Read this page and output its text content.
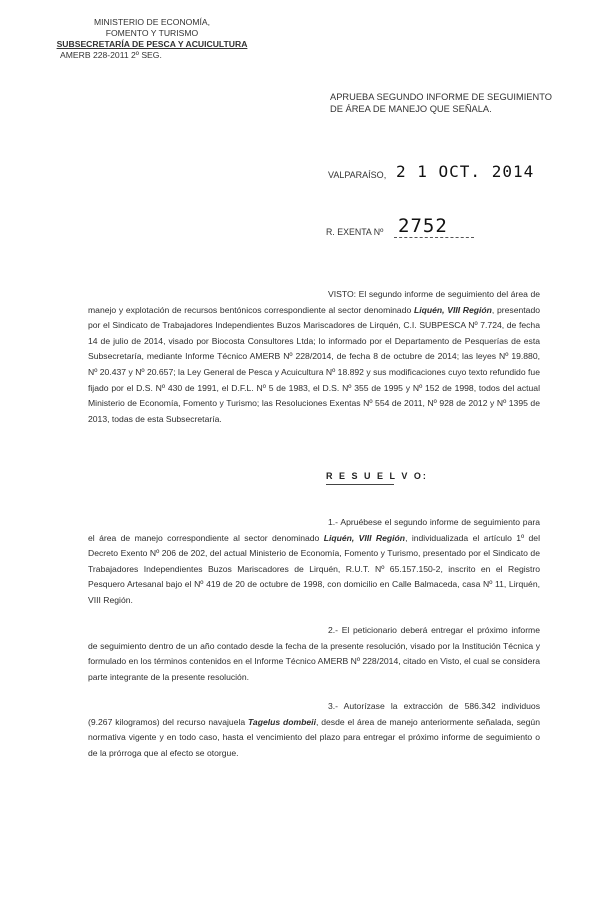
MINISTERIO DE ECONOMÍA,
FOMENTO Y TURISMO
SUBSECRETARÍA DE PESCA Y ACUICULTURA
AMERB 228-2011 2º SEG.
APRUEBA SEGUNDO INFORME DE SEGUIMIENTO DE ÁREA DE MANEJO QUE SEÑALA.
VALPARAÍSO, 2 1 OCT. 2014
R. EXENTA Nº 2752
VISTO: El segundo informe de seguimiento del área de manejo y explotación de recursos bentónicos correspondiente al sector denominado Liquén, VIII Región, presentado por el Sindicato de Trabajadores Independientes Buzos Mariscadores de Lirquén, C.I. SUBPESCA Nº 7.724, de fecha 14 de julio de 2014, visado por Biocosta Consultores Ltda; lo informado por el Departamento de Pesquerías de esta Subsecretaría, mediante Informe Técnico AMERB Nº 228/2014, de fecha 8 de octubre de 2014; las leyes Nº 19.880, Nº 20.437 y Nº 20.657; la Ley General de Pesca y Acuicultura Nº 18.892 y sus modificaciones cuyo texto refundido fue fijado por el D.S. Nº 430 de 1991, el D.F.L. Nº 5 de 1983, el D.S. Nº 355 de 1995 y Nº 152 de 1998, todos del actual Ministerio de Economía, Fomento y Turismo; las Resoluciones Exentas Nº 554 de 2011, Nº 928 de 2012 y Nº 1395 de 2013, todas de esta Subsecretaría.
R E S U E L V O:
1.- Apruébese el segundo informe de seguimiento para el área de manejo correspondiente al sector denominado Liquén, VIII Región, individualizada el artículo 1º del Decreto Exento Nº 206 de 202, del actual Ministerio de Economía, Fomento y Turismo, presentado por el Sindicato de Trabajadores Independientes Buzos Mariscadores de Lirquén, R.U.T. Nº 65.157.150-2, inscrito en el Registro Pesquero Artesanal bajo el Nº 419 de 20 de octubre de 1998, con domicilio en Calle Balmaceda, casa Nº 11, Lirquén, VIII Región.
2.- El peticionario deberá entregar el próximo informe de seguimiento dentro de un año contado desde la fecha de la presente resolución, visado por la Institución Técnica y formulado en los términos contenidos en el Informe Técnico AMERB Nº 228/2014, citado en Visto, el cual se considera parte integrante de la presente resolución.
3.- Autorízase la extracción de 586.342 individuos (9.267 kilogramos) del recurso navajuela Tagelus dombeii, desde el área de manejo anteriormente señalada, según normativa vigente y en todo caso, hasta el vencimiento del plazo para entregar el próximo informe de seguimiento o de la prórroga que al efecto se otorgue.
